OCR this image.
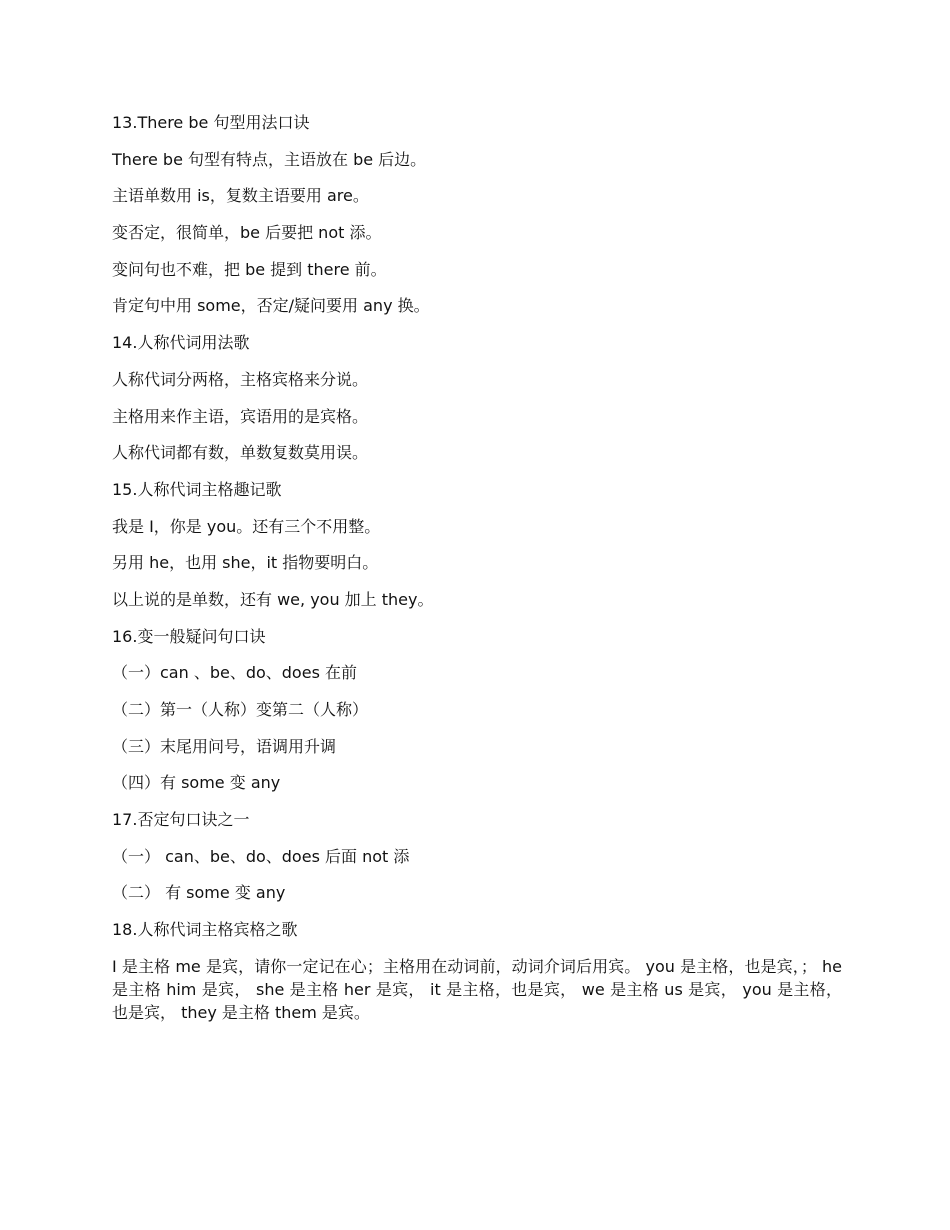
13.There be 句型用法口诀
There be 句型有特点，主语放在 be 后边。
主语单数用 is，复数主语要用 are。
变否定，很简单，be 后要把 not 添。
变问句也不难，把 be 提到 there 前。
肯定句中用 some，否定/疑问要用 any 换。
14.人称代词用法歌
人称代词分两格，主格宾格来分说。
主格用来作主语，宾语用的是宾格。
人称代词都有数，单数复数莫用误。
15.人称代词主格趣记歌
我是 I，你是 you。还有三个不用整。
另用 he，也用 she，it 指物要明白。
以上说的是单数，还有 we, you 加上 they。
16.变一般疑问句口诀
（一）can 、be、do、does 在前
（二）第一（人称）变第二（人称）
（三）末尾用问号，语调用升调
（四）有 some 变 any
17.否定句口诀之一
（一） can、be、do、does 后面 not 添
（二） 有 some 变 any
18.人称代词主格宾格之歌
I 是主格 me 是宾，请你一定记在心；主格用在动词前，动词介词后用宾。 you 是主格，也是宾，； he 是主格 him 是宾， she 是主格 her 是宾， it 是主格，也是宾， we 是主格 us 是宾， you 是主格，也是宾， they 是主格 them 是宾。
